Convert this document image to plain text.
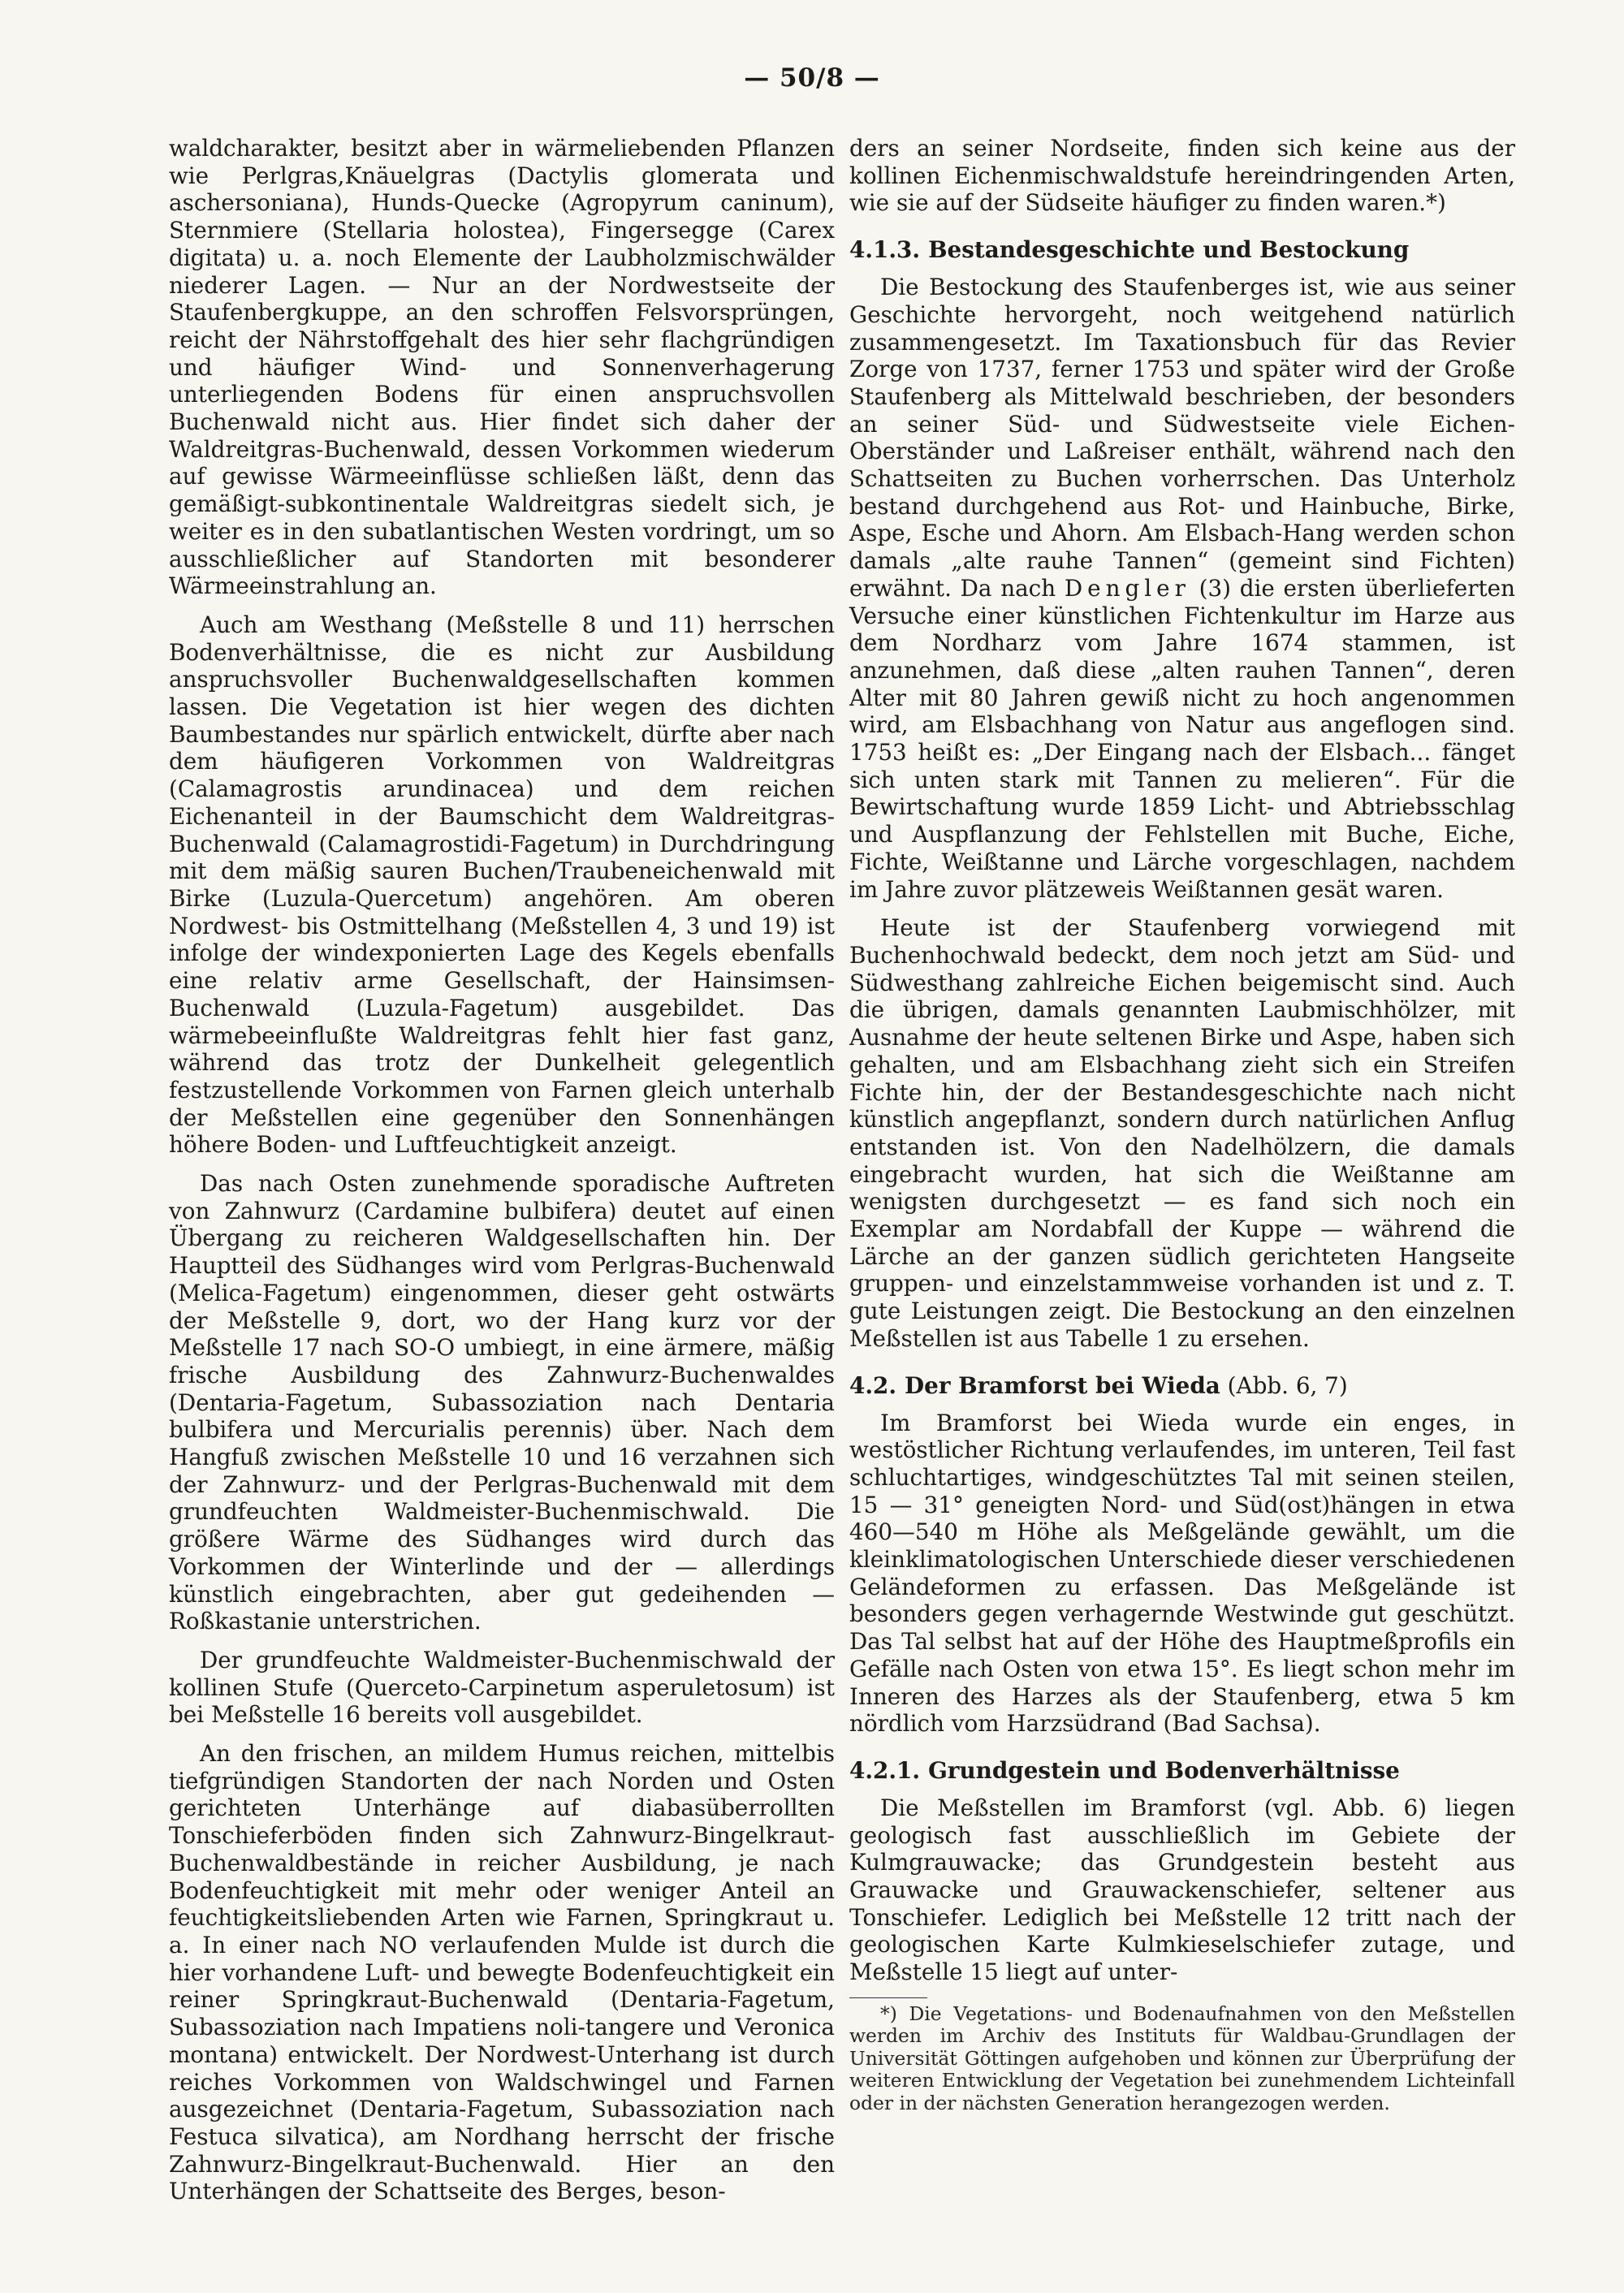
— 50/8 —

waldcharakter, besitzt aber in wärmeliebenden Pflanzen wie Perlgras,Knäuelgras (Dactylis glomerata und aschersoniana), Hunds-Quecke (Agropyrum caninum), Sternmiere (Stellaria holostea), Fingersegge (Carex digitata) u. a. noch Elemente der Laubholzmischwälder niederer Lagen. — Nur an der Nordwestseite der Staufenbergkuppe, an den schroffen Felsvorsprüngen, reicht der Nährstoffgehalt des hier sehr flachgründigen und häufiger Wind- und Sonnenverhagerung unterliegenden Bodens für einen anspruchsvollen Buchenwald nicht aus. Hier findet sich daher der Waldreitgras-Buchenwald, dessen Vorkommen wiederum auf gewisse Wärmeeinflüsse schließen läßt, denn das gemäßigt-subkontinentale Waldreitgras siedelt sich, je weiter es in den subatlantischen Westen vordringt, um so ausschließlicher auf Standorten mit besonderer Wärmeeinstrahlung an.

Auch am Westhang (Meßstelle 8 und 11) herrschen Bodenverhältnisse, die es nicht zur Ausbildung anspruchsvoller Buchenwaldgesellschaften kommen lassen. Die Vegetation ist hier wegen des dichten Baumbestandes nur spärlich entwickelt, dürfte aber nach dem häufigeren Vorkommen von Waldreitgras (Calamagrostis arundinacea) und dem reichen Eichenanteil in der Baumschicht dem Waldreitgras-Buchenwald (Calamagrostidi-Fagetum) in Durchdringung mit dem mäßig sauren Buchen/Traubeneichenwald mit Birke (Luzula-Quercetum) angehören. Am oberen Nordwest- bis Ostmittelhang (Meßstellen 4, 3 und 19) ist infolge der windexponierten Lage des Kegels ebenfalls eine relativ arme Gesellschaft, der Hainsimsen-Buchenwald (Luzula-Fagetum) ausgebildet. Das wärmebeeinflußte Waldreitgras fehlt hier fast ganz, während das trotz der Dunkelheit gelegentlich festzustellende Vorkommen von Farnen gleich unterhalb der Meßstellen eine gegenüber den Sonnenhängen höhere Boden- und Luftfeuchtigkeit anzeigt.

Das nach Osten zunehmende sporadische Auftreten von Zahnwurz (Cardamine bulbifera) deutet auf einen Übergang zu reicheren Waldgesellschaften hin. Der Hauptteil des Südhanges wird vom Perlgras-Buchenwald (Melica-Fagetum) eingenommen, dieser geht ostwärts der Meßstelle 9, dort, wo der Hang kurz vor der Meßstelle 17 nach SO-O umbiegt, in eine ärmere, mäßig frische Ausbildung des Zahnwurz-Buchenwaldes (Dentaria-Fagetum, Subassoziation nach Dentaria bulbifera und Mercurialis perennis) über. Nach dem Hangfuß zwischen Meßstelle 10 und 16 verzahnen sich der Zahnwurz- und der Perlgras-Buchenwald mit dem grundfeuchten Waldmeister-Buchenmischwald. Die größere Wärme des Südhanges wird durch das Vorkommen der Winterlinde und der — allerdings künstlich eingebrachten, aber gut gedeihenden — Roßkastanie unterstrichen.

Der grundfeuchte Waldmeister-Buchenmischwald der kollinen Stufe (Querceto-Carpinetum asperuletosum) ist bei Meßstelle 16 bereits voll ausgebildet.

An den frischen, an mildem Humus reichen, mittelbis tiefgründigen Standorten der nach Norden und Osten gerichteten Unterhänge auf diabasüberrollten Tonschieferböden finden sich Zahnwurz-Bingelkraut-Buchenwaldbestände in reicher Ausbildung, je nach Bodenfeuchtigkeit mit mehr oder weniger Anteil an feuchtigkeitsliebenden Arten wie Farnen, Springkraut u. a. In einer nach NO verlaufenden Mulde ist durch die hier vorhandene Luft- und bewegte Bodenfeuchtigkeit ein reiner Springkraut-Buchenwald (Dentaria-Fagetum, Subassoziation nach Impatiens noli-tangere und Veronica montana) entwickelt. Der Nordwest-Unterhang ist durch reiches Vorkommen von Waldschwingel und Farnen ausgezeichnet (Dentaria-Fagetum, Subassoziation nach Festuca silvatica), am Nordhang herrscht der frische Zahnwurz-Bingelkraut-Buchenwald. Hier an den Unterhängen der Schattseite des Berges, beson-

ders an seiner Nordseite, finden sich keine aus der kollinen Eichenmischwaldstufe hereindringenden Arten, wie sie auf der Südseite häufiger zu finden waren.*)

4.1.3. Bestandesgeschichte und Bestockung

Die Bestockung des Staufenberges ist, wie aus seiner Geschichte hervorgeht, noch weitgehend natürlich zusammengesetzt. Im Taxationsbuch für das Revier Zorge von 1737, ferner 1753 und später wird der Große Staufenberg als Mittelwald beschrieben, der besonders an seiner Süd- und Südwestseite viele Eichen-Oberständer und Laßreiser enthält, während nach den Schattseiten zu Buchen vorherrschen. Das Unterholz bestand durchgehend aus Rot- und Hainbuche, Birke, Aspe, Esche und Ahorn. Am Elsbach-Hang werden schon damals „alte rauhe Tannen“ (gemeint sind Fichten) erwähnt. Da nach Dengler (3) die ersten überlieferten Versuche einer künstlichen Fichtenkultur im Harze aus dem Nordharz vom Jahre 1674 stammen, ist anzunehmen, daß diese „alten rauhen Tannen“, deren Alter mit 80 Jahren gewiß nicht zu hoch angenommen wird, am Elsbachhang von Natur aus angeflogen sind. 1753 heißt es: „Der Eingang nach der Elsbach... fänget sich unten stark mit Tannen zu melieren“. Für die Bewirtschaftung wurde 1859 Licht- und Abtriebsschlag und Auspflanzung der Fehlstellen mit Buche, Eiche, Fichte, Weißtanne und Lärche vorgeschlagen, nachdem im Jahre zuvor plätzeweis Weißtannen gesät waren.

Heute ist der Staufenberg vorwiegend mit Buchenhochwald bedeckt, dem noch jetzt am Süd- und Südwesthang zahlreiche Eichen beigemischt sind. Auch die übrigen, damals genannten Laubmischhölzer, mit Ausnahme der heute seltenen Birke und Aspe, haben sich gehalten, und am Elsbachhang zieht sich ein Streifen Fichte hin, der der Bestandesgeschichte nach nicht künstlich angepflanzt, sondern durch natürlichen Anflug entstanden ist. Von den Nadelhölzern, die damals eingebracht wurden, hat sich die Weißtanne am wenigsten durchgesetzt — es fand sich noch ein Exemplar am Nordabfall der Kuppe — während die Lärche an der ganzen südlich gerichteten Hangseite gruppen- und einzelstammweise vorhanden ist und z. T. gute Leistungen zeigt. Die Bestockung an den einzelnen Meßstellen ist aus Tabelle 1 zu ersehen.

4.2. Der Bramforst bei Wieda (Abb. 6, 7)

Im Bramforst bei Wieda wurde ein enges, in westöstlicher Richtung verlaufendes, im unteren, Teil fast schluchtartiges, windgeschütztes Tal mit seinen steilen, 15 — 31° geneigten Nord- und Süd(ost)hängen in etwa 460—540 m Höhe als Meßgelände gewählt, um die kleinklimatologischen Unterschiede dieser verschiedenen Geländeformen zu erfassen. Das Meßgelände ist besonders gegen verhagernde Westwinde gut geschützt. Das Tal selbst hat auf der Höhe des Hauptmeßprofils ein Gefälle nach Osten von etwa 15°. Es liegt schon mehr im Inneren des Harzes als der Staufenberg, etwa 5 km nördlich vom Harzsüdrand (Bad Sachsa).

4.2.1. Grundgestein und Bodenverhältnisse

Die Meßstellen im Bramforst (vgl. Abb. 6) liegen geologisch fast ausschließlich im Gebiete der Kulmgrauwacke; das Grundgestein besteht aus Grauwacke und Grauwackenschiefer, seltener aus Tonschiefer. Lediglich bei Meßstelle 12 tritt nach der geologischen Karte Kulmkieselschiefer zutage, und Meßstelle 15 liegt auf unter-

*) Die Vegetations- und Bodenaufnahmen von den Meßstellen werden im Archiv des Instituts für Waldbau-Grundlagen der Universität Göttingen aufgehoben und können zur Überprüfung der weiteren Entwicklung der Vegetation bei zunehmendem Lichteinfall oder in der nächsten Generation herangezogen werden.
